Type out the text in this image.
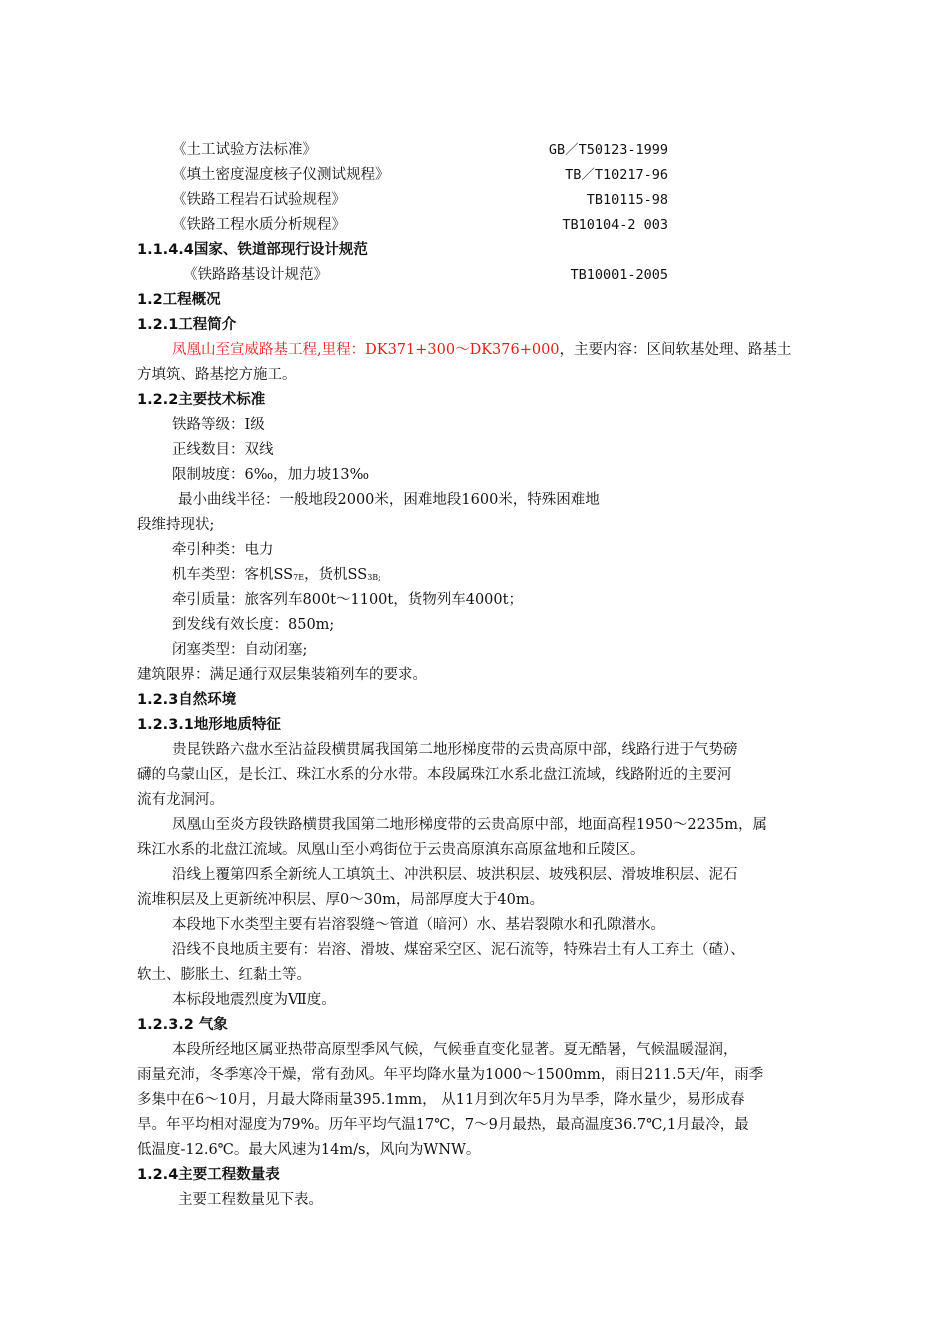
《土工试验方法标准》	GB／T50123-1999
《填土密度湿度核子仪测试规程》	TB／T10217-96
《铁路工程岩石试验规程》	TB10115-98
《铁路工程水质分析规程》	TB10104-2 003
1.1.4.4国家、铁道部现行设计规范
《铁路路基设计规范》	TB10001-2005
1.2工程概况
1.2.1工程简介
凤凰山至宣威路基工程,里程：DK371+300～DK376+000，主要内容：区间软基处理、路基土
方填筑、路基挖方施工。
1.2.2主要技术标准
铁路等级：Ⅰ级
正线数目：双线
限制坡度：6‰，加力坡13‰
最小曲线半径：一般地段2000米，困难地段1600米，特殊困难地
段维持现状;
牵引种类：电力
机车类型：客机$SS_{7E}$，货机$SS_{3B;}$
牵引质量：旅客列车800t～1100t，货物列车4000t；
到发线有效长度：850m;
闭塞类型：自动闭塞;
建筑限界：满足通行双层集装箱列车的要求。
1.2.3自然环境
1.2.3.1地形地质特征
贵昆铁路六盘水至沾益段横贯属我国第二地形梯度带的云贵高原中部，线路行进于气势磅
礴的乌蒙山区，是长江、珠江水系的分水带。本段属珠江水系北盘江流域，线路附近的主要河
流有龙洞河。
凤凰山至炎方段铁路横贯我国第二地形梯度带的云贵高原中部，地面高程1950～2235m，属
珠江水系的北盘江流域。凤凰山至小鸡街位于云贵高原滇东高原盆地和丘陵区。
沿线上覆第四系全新统人工填筑土、冲洪积层、坡洪积层、坡残积层、滑坡堆积层、泥石
流堆积层及上更新统冲积层、厚0～30m，局部厚度大于40m。
本段地下水类型主要有岩溶裂缝～管道（暗河）水、基岩裂隙水和孔隙潜水。
沿线不良地质主要有：岩溶、滑坡、煤窑采空区、泥石流等，特殊岩土有人工弃土（碴）、
软土、膨胀土、红黏土等。
本标段地震烈度为Ⅶ度。
1.2.3.2 气象
本段所经地区属亚热带高原型季风气候，气候垂直变化显著。夏无酷暑，气候温暖湿润，
雨量充沛，冬季寒冷干燥，常有劲风。年平均降水量为1000～1500mm，雨日211.5天/年，雨季
多集中在6～10月，月最大降雨量395.1mm， 从11月到次年5月为旱季，降水量少，易形成春
旱。年平均相对湿度为79%。历年平均气温17℃，7～9月最热，最高温度36.7℃,1月最冷，最
低温度-12.6℃。最大风速为14m/s，风向为WNW。
1.2.4主要工程数量表
主要工程数量见下表。
